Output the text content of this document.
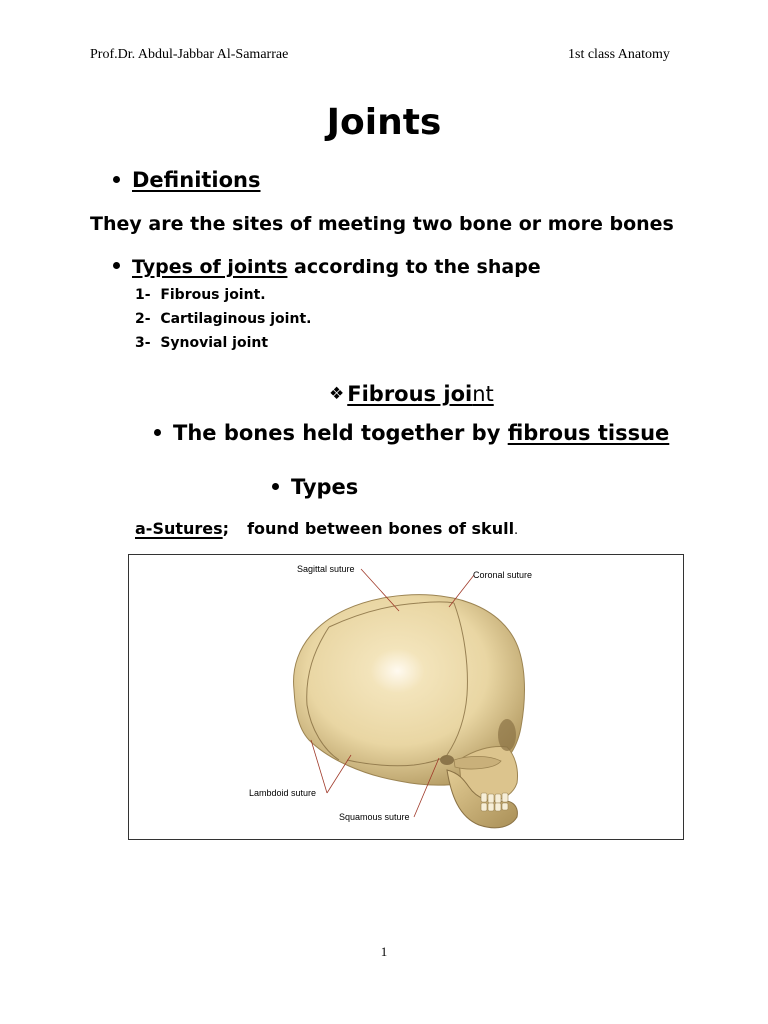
Prof.Dr. Abdul-Jabbar Al-Samarrae	1st class Anatomy
Joints
Definitions
They are the sites of meeting two bone or more bones
Types of joints according to the shape
1- Fibrous joint.
2- Cartilaginous joint.
3- Synovial joint
❖ Fibrous joint
The bones held together by fibrous tissue
Types
a-Sutures; found between bones of skull.
Sagittal suture
Coronal suture
Lambdoid suture
Squamous suture
1
